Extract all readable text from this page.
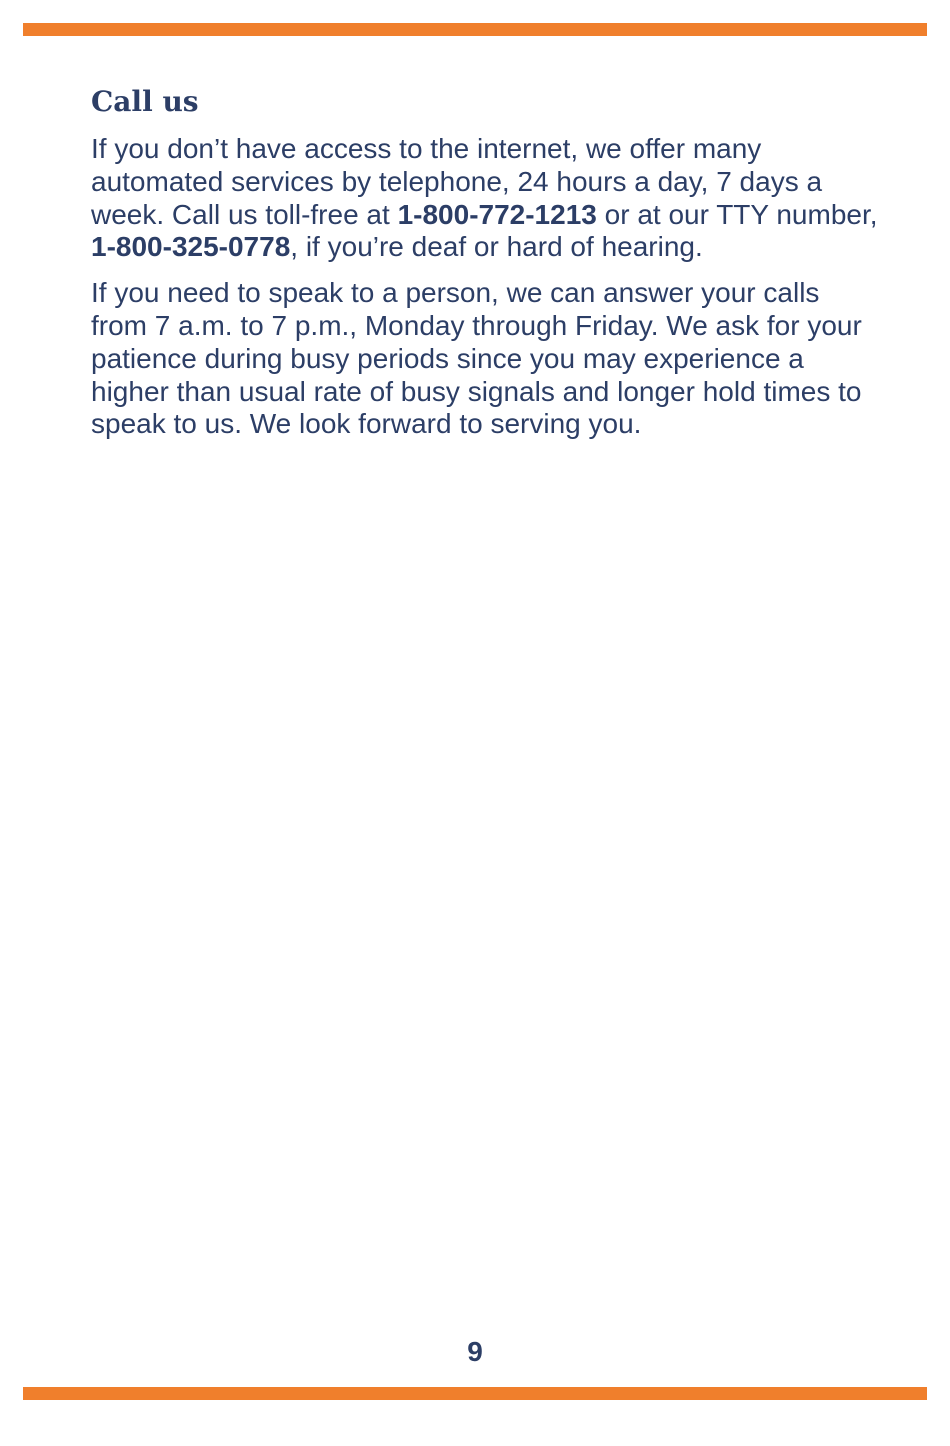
Call us

If you don’t have access to the internet, we offer many automated services by telephone, 24 hours a day, 7 days a week. Call us toll-free at 1-800-772-1213 or at our TTY number, 1-800-325-0778, if you’re deaf or hard of hearing.

If you need to speak to a person, we can answer your calls from 7 a.m. to 7 p.m., Monday through Friday. We ask for your patience during busy periods since you may experience a higher than usual rate of busy signals and longer hold times to speak to us. We look forward to serving you.

9
